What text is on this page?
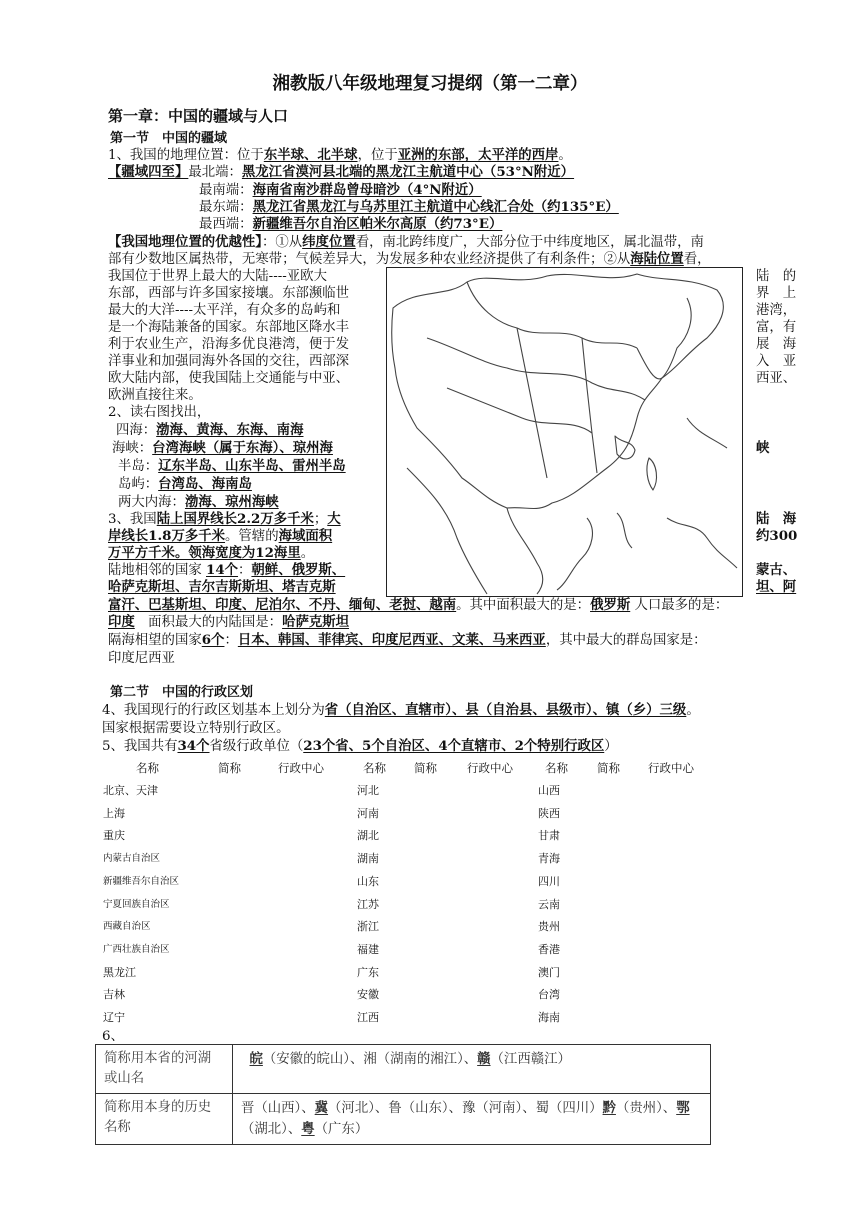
湘教版八年级地理复习提纲（第一二章）
第一章：中国的疆域与人口
第一节　中国的疆域
1、我国的地理位置：位于东半球、北半球，位于亚洲的东部，太平洋的西岸。
【疆域四至】最北端：黑龙江省漠河县北端的黑龙江主航道中心（53°N附近）
最南端：海南省南沙群岛曾母暗沙（4°N附近）
最东端：黑龙江省黑龙江与乌苏里江主航道中心线汇合处（约135°E）
最西端：新疆维吾尔自治区帕米尔高原（约73°E）
【我国地理位置的优越性】：①从纬度位置看，南北跨纬度广，大部分位于中纬度地区，属北温带，南
部有少数地区属热带，无寒带；气候差异大，为发展多种农业经济提供了有利条件；②从海陆位置看，
我国位于世界上最大的大陆----亚欧大
东部，西部与许多国家接壤。东部濒临世
最大的大洋----太平洋，有众多的岛屿和
是一个海陆兼备的国家。东部地区降水丰
利于农业生产，沿海多优良港湾，便于发
洋事业和加强同海外各国的交往，西部深
欧大陆内部，使我国陆上交通能与中亚、
欧洲直接往来。
陆　的
界　上
港湾，
富，有
展　海
入　亚
西亚、
2、读右图找出，
四海：渤海、黄海、东海、南海
海峡：台湾海峡（属于东海）、琼州海	峡
半岛：辽东半岛、山东半岛、雷州半岛
岛屿：台湾岛、海南岛
两大内海：渤海、琼州海峡
3、我国陆上国界线长2.2万多千米；大	陆　海
岸线长1.8万多千米。管辖的海域面积	约300
万平方千米。领海宽度为12海里。
陆地相邻的国家 14个：朝鲜、俄罗斯、	蒙古、
哈萨克斯坦、吉尔吉斯斯坦、塔吉克斯	坦、阿
富汗、巴基斯坦、印度、尼泊尔、不丹、缅甸、老挝、越南。其中面积最大的是：俄罗斯 人口最多的是：
印度　面积最大的内陆国是：哈萨克斯坦
隔海相望的国家6个：日本、韩国、菲律宾、印度尼西亚、文莱、马来西亚，其中最大的群岛国家是：
印度尼西亚
第二节　中国的行政区划
4、我国现行的行政区划基本上划分为省（自治区、直辖市）、县（自治县、县级市）、镇（乡）三级。
国家根据需要设立特别行政区。
5、我国共有34个省级行政单位（23个省、5个自治区、4个直辖市、2个特别行政区）
名称	简称	行政中心	名称 简称	行政中心	名称	简称 行政中心
北京、天津	河北	山西
上海	河南	陕西
重庆	湖北	甘肃
内蒙古自治区	湖南	青海
新疆维吾尔自治区	山东	四川
宁夏回族自治区	江苏	云南
西藏自治区	浙江	贵州
广西壮族自治区	福建	香港
黑龙江	广东	澳门
吉林	安徽	台湾
辽宁	江西	海南
6、
简称用本省的河湖或山名	皖（安徽的皖山）、湘（湖南的湘江）、赣（江西赣江）
简称用本身的历史名称	晋（山西）、冀（河北）、鲁（山东）、豫（河南）、蜀（四川）黔（贵州）、鄂（湖北）、粤（广东）
